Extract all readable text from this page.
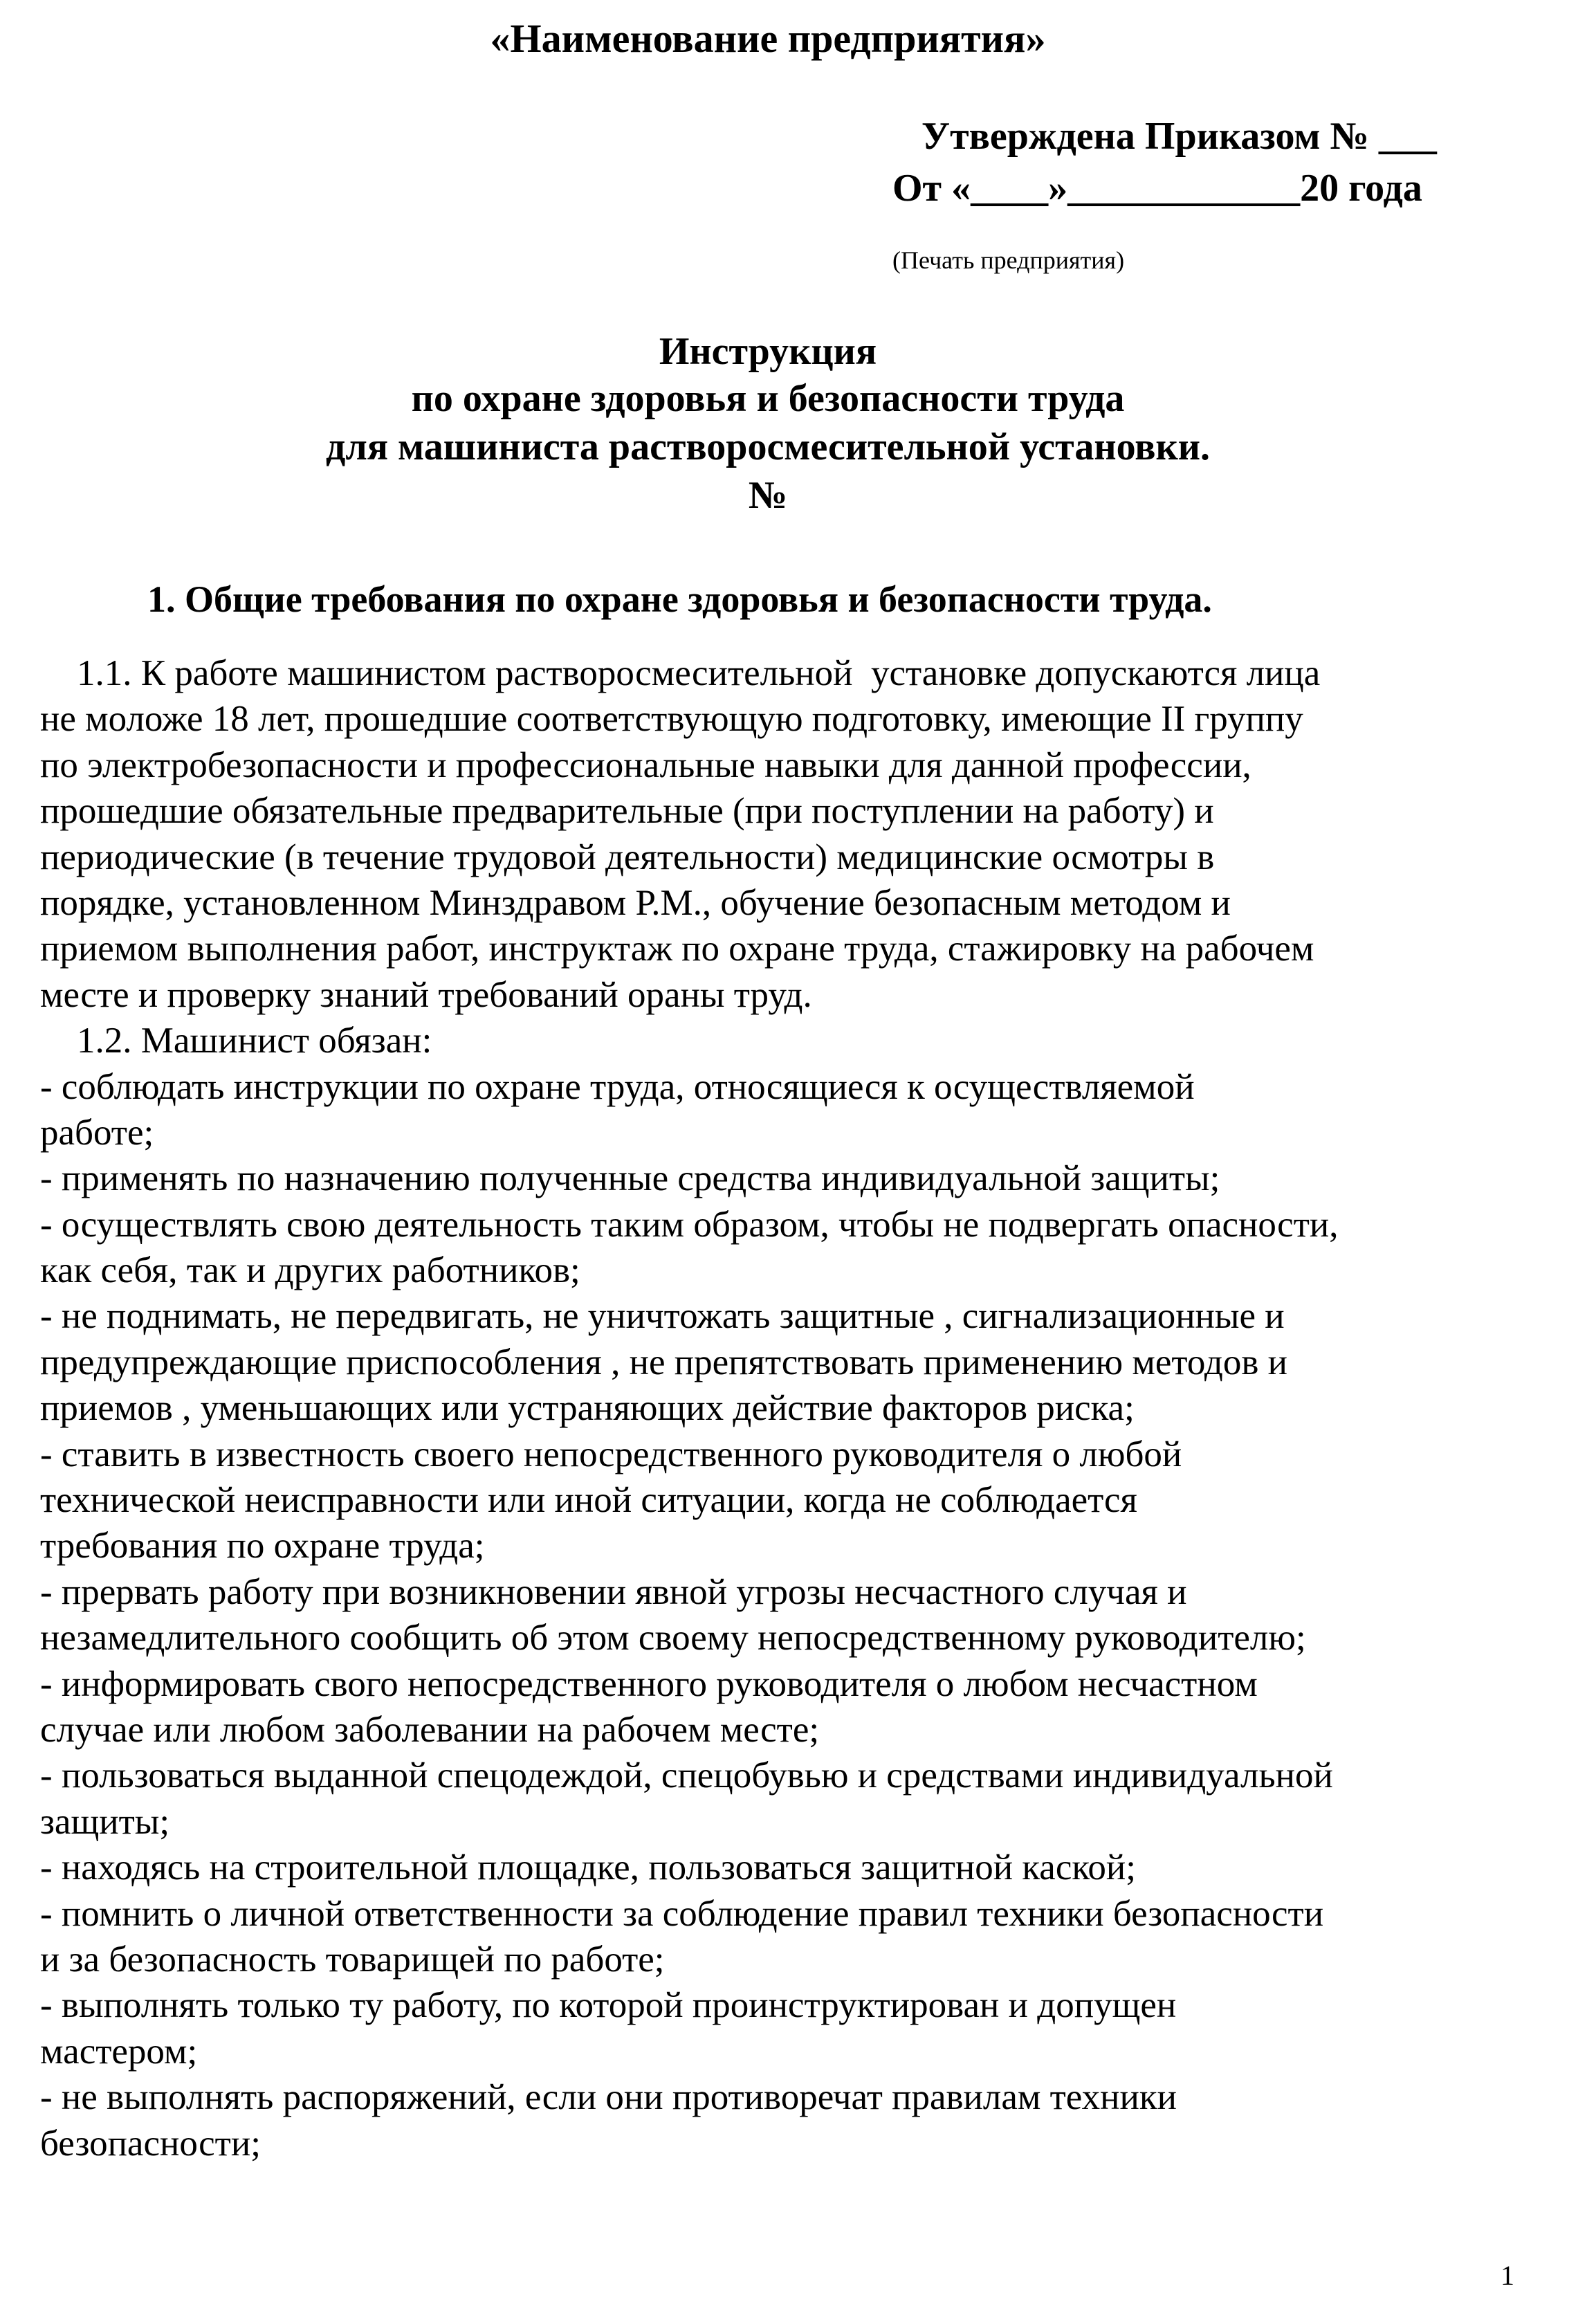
«Наименование предприятия»
Утверждена Приказом № ___
От «____»____________20 года
(Печать предприятия)
Инструкция
по охране здоровья и безопасности труда
для машиниста растворосмесительной установки.
№
1. Общие требования по охране здоровья и безопасности труда.
1.1. К работе машинистом растворосмесительной  установке допускаются лица
не моложе 18 лет, прошедшие соответствующую подготовку, имеющие II группу
по электробезопасности и профессиональные навыки для данной профессии,
прошедшие обязательные предварительные (при поступлении на работу) и
периодические (в течение трудовой деятельности) медицинские осмотры в
порядке, установленном Минздравом Р.М., обучение безопасным методом и
приемом выполнения работ, инструктаж по охране труда, стажировку на рабочем
месте и проверку знаний требований ораны труд.
1.2. Машинист обязан:
- соблюдать инструкции по охране труда, относящиеся к осуществляемой
работе;
- применять по назначению полученные средства индивидуальной защиты;
- осуществлять свою деятельность таким образом, чтобы не подвергать опасности,
как себя, так и других работников;
- не поднимать, не передвигать, не уничтожать защитные , сигнализационные и
предупреждающие приспособления , не препятствовать применению методов и
приемов , уменьшающих или устраняющих действие факторов риска;
- ставить в известность своего непосредственного руководителя о любой
технической неисправности или иной ситуации, когда не соблюдается
требования по охране труда;
- прервать работу при возникновении явной угрозы несчастного случая и
незамедлительного сообщить об этом своему непосредственному руководителю;
- информировать свого непосредственного руководителя о любом несчастном
случае или любом заболевании на рабочем месте;
- пользоваться выданной спецодеждой, спецобувью и средствами индивидуальной
защиты;
- находясь на строительной площадке, пользоваться защитной каской;
- помнить о личной ответственности за соблюдение правил техники безопасности
и за безопасность товарищей по работе;
- выполнять только ту работу, по которой проинструктирован и допущен
мастером;
- не выполнять распоряжений, если они противоречат правилам техники
безопасности;
1
